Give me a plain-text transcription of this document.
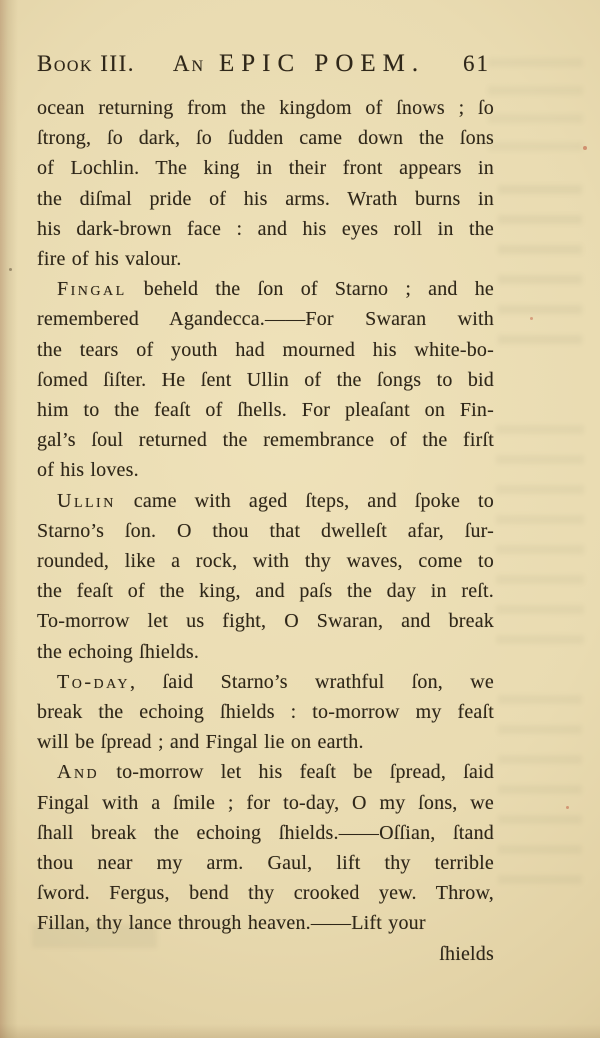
Book III. An EPIC POEM. 61
ocean returning from the kingdom of ſnows ; ſo
ſtrong, ſo dark, ſo ſudden came down the ſons
of Lochlin. The king in their front appears in
the diſmal pride of his arms. Wrath burns in
his dark-brown face : and his eyes roll in the
fire of his valour.
Fingal beheld the ſon of Starno ; and he
remembered Agandecca.——For Swaran with
the tears of youth had mourned his white-bo-
ſomed ſiſter. He ſent Ullin of the ſongs to bid
him to the feaſt of ſhells. For pleaſant on Fin-
gal’s ſoul returned the remembrance of the firſt
of his loves.
Ullin came with aged ſteps, and ſpoke to
Starno’s ſon. O thou that dwelleſt afar, ſur-
rounded, like a rock, with thy waves, come to
the feaſt of the king, and paſs the day in reſt.
To-morrow let us fight, O Swaran, and break
the echoing ſhields.
To-day, ſaid Starno’s wrathful ſon, we
break the echoing ſhields : to-morrow my feaſt
will be ſpread ; and Fingal lie on earth.
And to-morrow let his feaſt be ſpread, ſaid
Fingal with a ſmile ; for to-day, O my ſons, we
ſhall break the echoing ſhields.——Oſſian, ſtand
thou near my arm. Gaul, lift thy terrible
ſword. Fergus, bend thy crooked yew. Throw,
Fillan, thy lance through heaven.——Lift your
ſhields
